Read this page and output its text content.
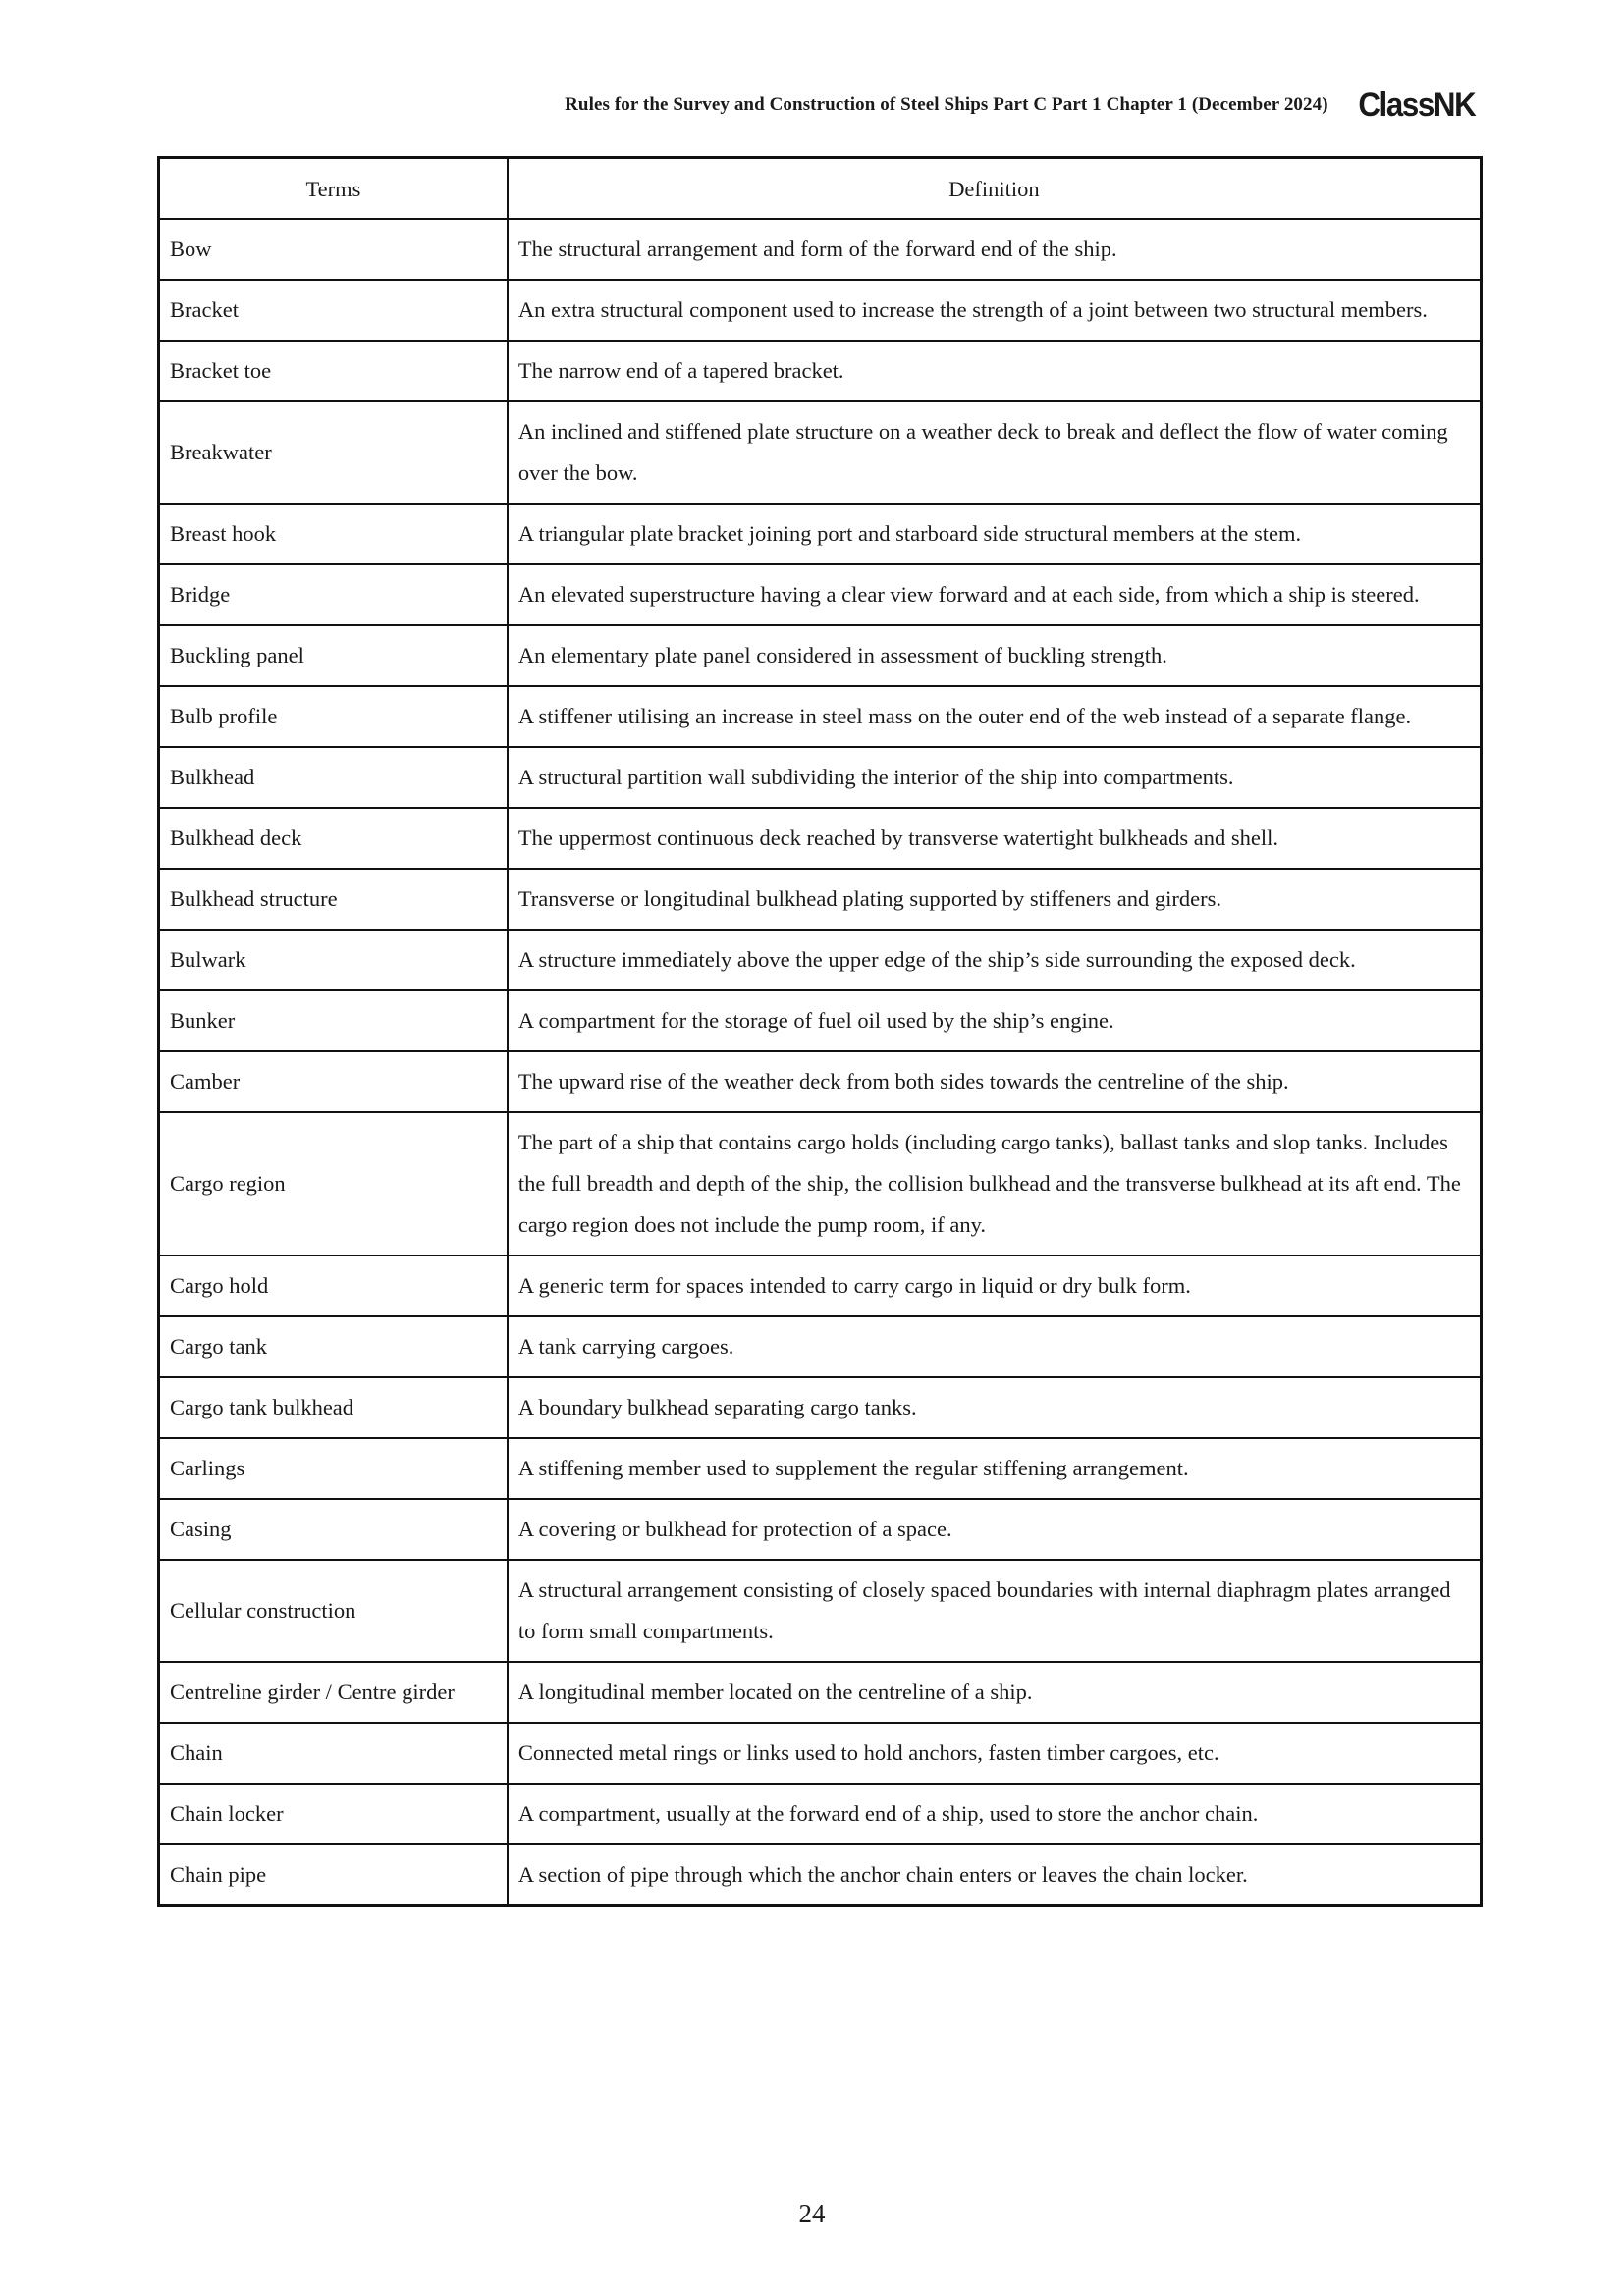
Rules for the Survey and Construction of Steel Ships Part C Part 1 Chapter 1 (December 2024) ClassNK
Terms	Definition
Bow	The structural arrangement and form of the forward end of the ship.
Bracket	An extra structural component used to increase the strength of a joint between two structural members.
Bracket toe	The narrow end of a tapered bracket.
Breakwater	An inclined and stiffened plate structure on a weather deck to break and deflect the flow of water coming over the bow.
Breast hook	A triangular plate bracket joining port and starboard side structural members at the stem.
Bridge	An elevated superstructure having a clear view forward and at each side, from which a ship is steered.
Buckling panel	An elementary plate panel considered in assessment of buckling strength.
Bulb profile	A stiffener utilising an increase in steel mass on the outer end of the web instead of a separate flange.
Bulkhead	A structural partition wall subdividing the interior of the ship into compartments.
Bulkhead deck	The uppermost continuous deck reached by transverse watertight bulkheads and shell.
Bulkhead structure	Transverse or longitudinal bulkhead plating supported by stiffeners and girders.
Bulwark	A structure immediately above the upper edge of the ship’s side surrounding the exposed deck.
Bunker	A compartment for the storage of fuel oil used by the ship’s engine.
Camber	The upward rise of the weather deck from both sides towards the centreline of the ship.
Cargo region	The part of a ship that contains cargo holds (including cargo tanks), ballast tanks and slop tanks. Includes the full breadth and depth of the ship, the collision bulkhead and the transverse bulkhead at its aft end. The cargo region does not include the pump room, if any.
Cargo hold	A generic term for spaces intended to carry cargo in liquid or dry bulk form.
Cargo tank	A tank carrying cargoes.
Cargo tank bulkhead	A boundary bulkhead separating cargo tanks.
Carlings	A stiffening member used to supplement the regular stiffening arrangement.
Casing	A covering or bulkhead for protection of a space.
Cellular construction	A structural arrangement consisting of closely spaced boundaries with internal diaphragm plates arranged to form small compartments.
Centreline girder / Centre girder	A longitudinal member located on the centreline of a ship.
Chain	Connected metal rings or links used to hold anchors, fasten timber cargoes, etc.
Chain locker	A compartment, usually at the forward end of a ship, used to store the anchor chain.
Chain pipe	A section of pipe through which the anchor chain enters or leaves the chain locker.
24
